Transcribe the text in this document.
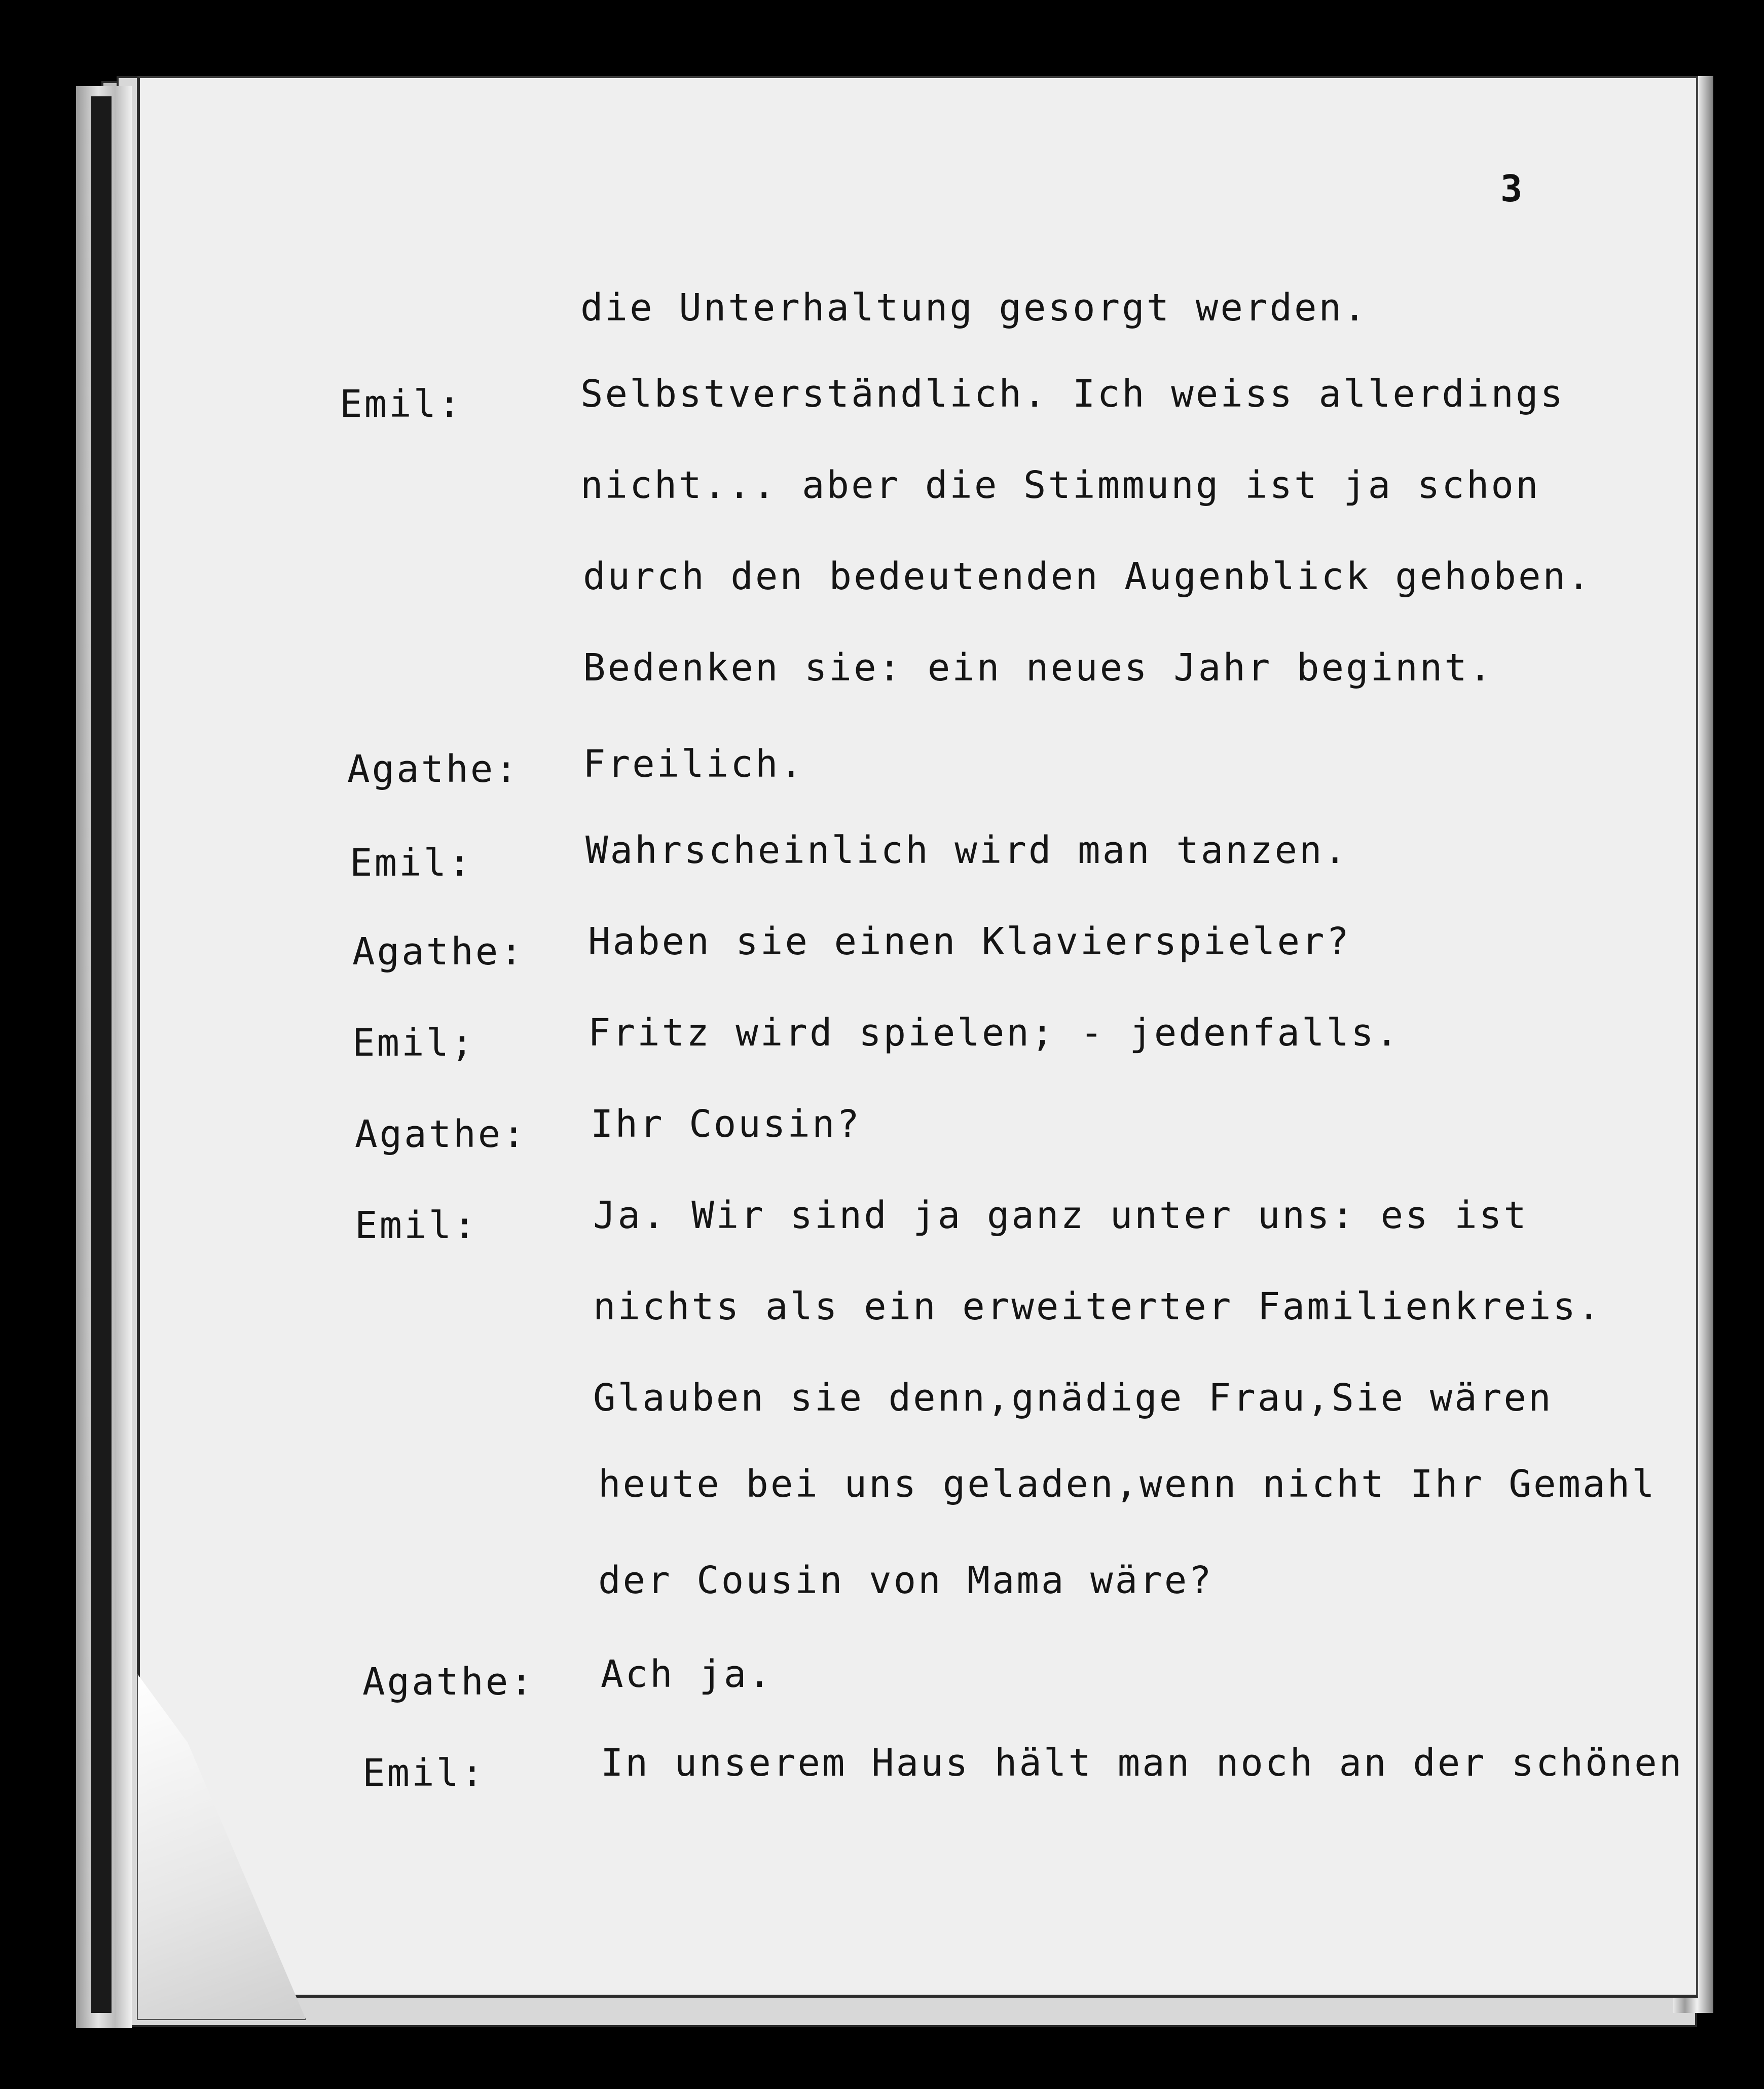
3
Emil:
Agathe:
Emil:
Agathe:
Emil;
Agathe:
Emil:
Agathe:
Emil:
die Unterhaltung gesorgt werden.
Selbstverständlich. Ich weiss allerdings
nicht... aber die Stimmung ist ja schon
durch den bedeutenden Augenblick gehoben.
Bedenken sie: ein neues Jahr beginnt.
Freilich.
Wahrscheinlich wird man tanzen.
Haben sie einen Klavierspieler?
Fritz wird spielen; - jedenfalls.
Ihr Cousin?
Ja. Wir sind ja ganz unter uns: es ist
nichts als ein erweiterter Familienkreis.
Glauben sie denn,gnädige Frau,Sie wären
heute bei uns geladen,wenn nicht Ihr Gemahl
der Cousin von Mama wäre?
Ach ja.
In unserem Haus hält man noch an der schönen
